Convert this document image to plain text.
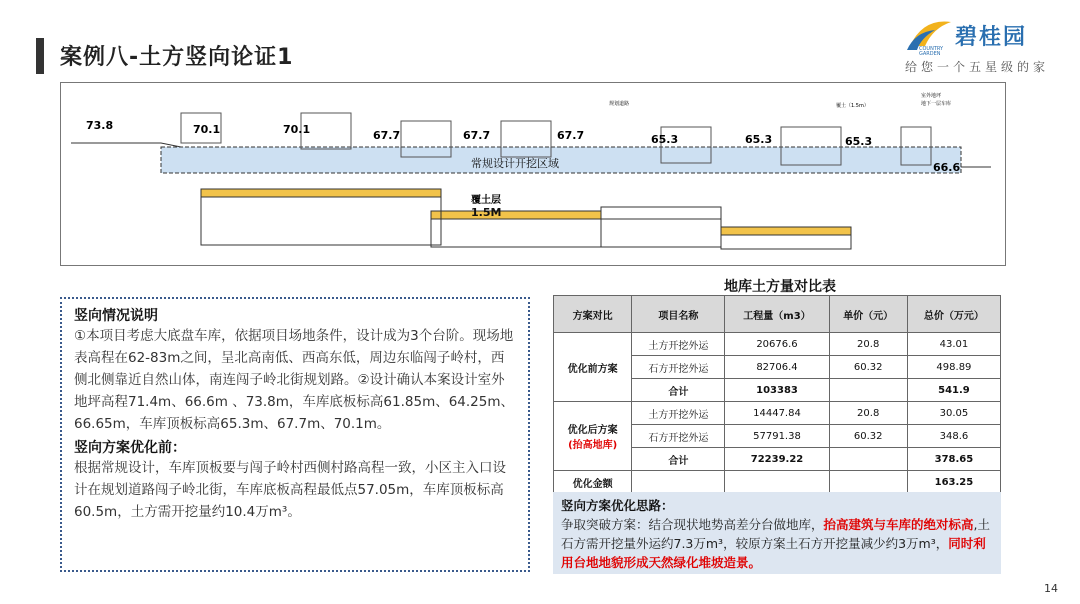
案例八-土方竖向论证1	COUNTRY
GARDEN
碧桂园
给您一个五星级的家
常规设计开挖区域
73.8	70.1	70.1	67.7	67.7	67.7	65.3	65.3	65.3
66.6
规划道路	覆土（1.5m）
室外地坪
地下一层车库
覆土层
1.5M
竖向情况说明
①本项目考虑大底盘车库，依据项目场地条件，设计成为3个台阶。现场地表高程在62-83m之间，呈北高南低、西高东低，周边东临闯子岭村，西侧北侧靠近自然山体，南连闯子岭北街规划路。②设计确认本案设计室外地坪高程71.4m、66.6m 、73.8m，车库底板标高61.85m、64.25m、66.65m，车库顶板标高65.3m、67.7m、70.1m。
竖向方案优化前：
根据常规设计，车库顶板要与闯子岭村西侧村路高程一致，小区主入口设计在规划道路闯子岭北街，车库底板高程最低点57.05m，车库顶板标高60.5m，土方需开挖量约10.4万m³。
地库土方量对比表
方案对比	项目名称	工程量（m3）	单价（元）	总价（万元）
优化前方案	土方开挖外运	20676.6	20.8	43.01
	石方开挖外运	82706.4	60.32	498.89
	合计	103383		541.9
优化后方案
(抬高地库)	土方开挖外运	14447.84	20.8	30.05
	石方开挖外运	57791.38	60.32	348.6
	合计	72239.22		378.65
优化金额				163.25
竖向方案优化思路：
争取突破方案：结合现状地势高差分台做地库，抬高建筑与车库的绝对标高,土石方需开挖量外运约7.3万m³，较原方案土石方开挖量减少约3万m³，同时利用台地地貌形成天然绿化堆坡造景。
14
